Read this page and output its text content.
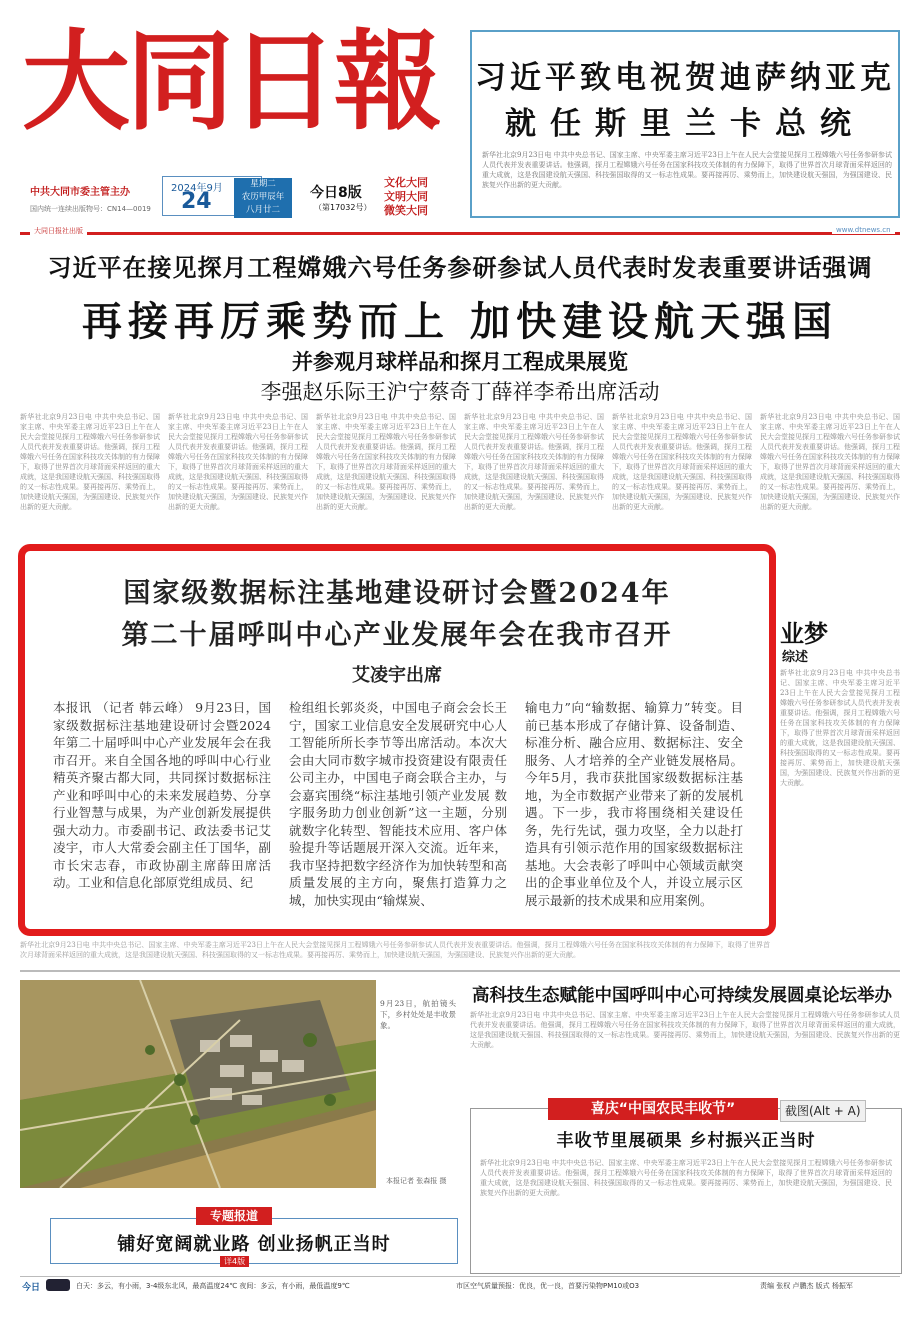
大同日報
中共大同市委主管主办
国内统一连续出版物号：CN14—0019
2024年9月
24
星期二
农历甲辰年
八月廿二
今日8版
（第17032号）
文化大同
文明大同
微笑大同
习近平致电祝贺迪萨纳亚克
就任斯里兰卡总统
新华社北京9月23日电 中共中央总书记、国家主席、中央军委主席习近平23日上午在人民大会堂接见探月工程嫦娥六号任务参研参试人员代表并发表重要讲话。他强调，探月工程嫦娥六号任务在国家科技攻关体制的有力保障下，取得了世界首次月球背面采样返回的重大成就，这是我国建设航天强国、科技强国取得的又一标志性成果。要再接再厉、乘势而上，加快建设航天强国，为强国建设、民族复兴作出新的更大贡献。
大同日报社出版	www.dtnews.cn
习近平在接见探月工程嫦娥六号任务参研参试人员代表时发表重要讲话强调
再接再厉乘势而上 加快建设航天强国
并参观月球样品和探月工程成果展览
李强赵乐际王沪宁蔡奇丁薛祥李希出席活动
新华社北京9月23日电 中共中央总书记、国家主席、中央军委主席习近平23日上午在人民大会堂接见探月工程嫦娥六号任务参研参试人员代表并发表重要讲话。他强调，探月工程嫦娥六号任务在国家科技攻关体制的有力保障下，取得了世界首次月球背面采样返回的重大成就，这是我国建设航天强国、科技强国取得的又一标志性成果。要再接再厉、乘势而上，加快建设航天强国，为强国建设、民族复兴作出新的更大贡献。
新华社北京9月23日电 中共中央总书记、国家主席、中央军委主席习近平23日上午在人民大会堂接见探月工程嫦娥六号任务参研参试人员代表并发表重要讲话。他强调，探月工程嫦娥六号任务在国家科技攻关体制的有力保障下，取得了世界首次月球背面采样返回的重大成就，这是我国建设航天强国、科技强国取得的又一标志性成果。要再接再厉、乘势而上，加快建设航天强国，为强国建设、民族复兴作出新的更大贡献。
新华社北京9月23日电 中共中央总书记、国家主席、中央军委主席习近平23日上午在人民大会堂接见探月工程嫦娥六号任务参研参试人员代表并发表重要讲话。他强调，探月工程嫦娥六号任务在国家科技攻关体制的有力保障下，取得了世界首次月球背面采样返回的重大成就，这是我国建设航天强国、科技强国取得的又一标志性成果。要再接再厉、乘势而上，加快建设航天强国，为强国建设、民族复兴作出新的更大贡献。
新华社北京9月23日电 中共中央总书记、国家主席、中央军委主席习近平23日上午在人民大会堂接见探月工程嫦娥六号任务参研参试人员代表并发表重要讲话。他强调，探月工程嫦娥六号任务在国家科技攻关体制的有力保障下，取得了世界首次月球背面采样返回的重大成就，这是我国建设航天强国、科技强国取得的又一标志性成果。要再接再厉、乘势而上，加快建设航天强国，为强国建设、民族复兴作出新的更大贡献。
新华社北京9月23日电 中共中央总书记、国家主席、中央军委主席习近平23日上午在人民大会堂接见探月工程嫦娥六号任务参研参试人员代表并发表重要讲话。他强调，探月工程嫦娥六号任务在国家科技攻关体制的有力保障下，取得了世界首次月球背面采样返回的重大成就，这是我国建设航天强国、科技强国取得的又一标志性成果。要再接再厉、乘势而上，加快建设航天强国，为强国建设、民族复兴作出新的更大贡献。
新华社北京9月23日电 中共中央总书记、国家主席、中央军委主席习近平23日上午在人民大会堂接见探月工程嫦娥六号任务参研参试人员代表并发表重要讲话。他强调，探月工程嫦娥六号任务在国家科技攻关体制的有力保障下，取得了世界首次月球背面采样返回的重大成就，这是我国建设航天强国、科技强国取得的又一标志性成果。要再接再厉、乘势而上，加快建设航天强国，为强国建设、民族复兴作出新的更大贡献。
业梦
综述
新华社北京9月23日电 中共中央总书记、国家主席、中央军委主席习近平23日上午在人民大会堂接见探月工程嫦娥六号任务参研参试人员代表并发表重要讲话。他强调，探月工程嫦娥六号任务在国家科技攻关体制的有力保障下，取得了世界首次月球背面采样返回的重大成就，这是我国建设航天强国、科技强国取得的又一标志性成果。要再接再厉、乘势而上，加快建设航天强国，为强国建设、民族复兴作出新的更大贡献。
国家级数据标注基地建设研讨会暨2024年
第二十届呼叫中心产业发展年会在我市召开
艾凌宇出席
本报讯 （记者 韩云峰） 9月23日，国家级数据标注基地建设研讨会暨2024年第二十届呼叫中心产业发展年会在我市召开。来自全国各地的呼叫中心行业精英齐聚古都大同，共同探讨数据标注产业和呼叫中心的未来发展趋势、分享行业智慧与成果，为产业创新发展提供强大动力。市委副书记、政法委书记艾凌宇，市人大常委会副主任丁国华，副市长宋志春，市政协副主席薛田席活动。工业和信息化部原党组成员、纪
检组组长郭炎炎，中国电子商会会长王宁，国家工业信息安全发展研究中心人工智能所所长李节等出席活动。本次大会由大同市数字城市投资建设有限责任公司主办，中国电子商会联合主办，与会嘉宾围绕“标注基地引领产业发展 数字服务助力创业创新”这一主题，分别就数字化转型、智能技术应用、客户体验提升等话题展开深入交流。近年来，我市坚持把数字经济作为加快转型和高质量发展的主方向，聚焦打造算力之城，加快实现由“输煤炭、
输电力”向“输数据、输算力”转变。目前已基本形成了存储计算、设备制造、标准分析、融合应用、数据标注、安全服务、人才培养的全产业链发展格局。今年5月，我市获批国家级数据标注基地，为全市数据产业带来了新的发展机遇。下一步，我市将围绕相关建设任务，先行先试，强力攻坚，全力以赴打造具有引领示范作用的国家级数据标注基地。大会表彰了呼叫中心领域贡献突出的企事业单位及个人，并设立展示区展示最新的技术成果和应用案例。
新华社北京9月23日电 中共中央总书记、国家主席、中央军委主席习近平23日上午在人民大会堂接见探月工程嫦娥六号任务参研参试人员代表并发表重要讲话。他强调，探月工程嫦娥六号任务在国家科技攻关体制的有力保障下，取得了世界首次月球背面采样返回的重大成就，这是我国建设航天强国、科技强国取得的又一标志性成果。要再接再厉、乘势而上，加快建设航天强国，为强国建设、民族复兴作出新的更大贡献。
9月23日，航拍镜头下，乡村处处是丰收景象。
本报记者 张森报 摄
高科技生态赋能中国呼叫中心可持续发展圆桌论坛举办
新华社北京9月23日电 中共中央总书记、国家主席、中央军委主席习近平23日上午在人民大会堂接见探月工程嫦娥六号任务参研参试人员代表并发表重要讲话。他强调，探月工程嫦娥六号任务在国家科技攻关体制的有力保障下，取得了世界首次月球背面采样返回的重大成就，这是我国建设航天强国、科技强国取得的又一标志性成果。要再接再厉、乘势而上，加快建设航天强国，为强国建设、民族复兴作出新的更大贡献。
喜庆“中国农民丰收节”	截图(Alt + A)
丰收节里展硕果 乡村振兴正当时
新华社北京9月23日电 中共中央总书记、国家主席、中央军委主席习近平23日上午在人民大会堂接见探月工程嫦娥六号任务参研参试人员代表并发表重要讲话。他强调，探月工程嫦娥六号任务在国家科技攻关体制的有力保障下，取得了世界首次月球背面采样返回的重大成就，这是我国建设航天强国、科技强国取得的又一标志性成果。要再接再厉、乘势而上，加快建设航天强国，为强国建设、民族复兴作出新的更大贡献。
专题报道
铺好宽阔就业路 创业扬帆正当时
详4版
今日	白天：多云，有小雨，3-4级东北风，最高温度24℃ 夜间：多云，有小雨，最低温度9℃	市区空气质量预报：优良，优一良，首要污染物PM10或O3	责编 张权 卢鹏杰 版式 杨振军
